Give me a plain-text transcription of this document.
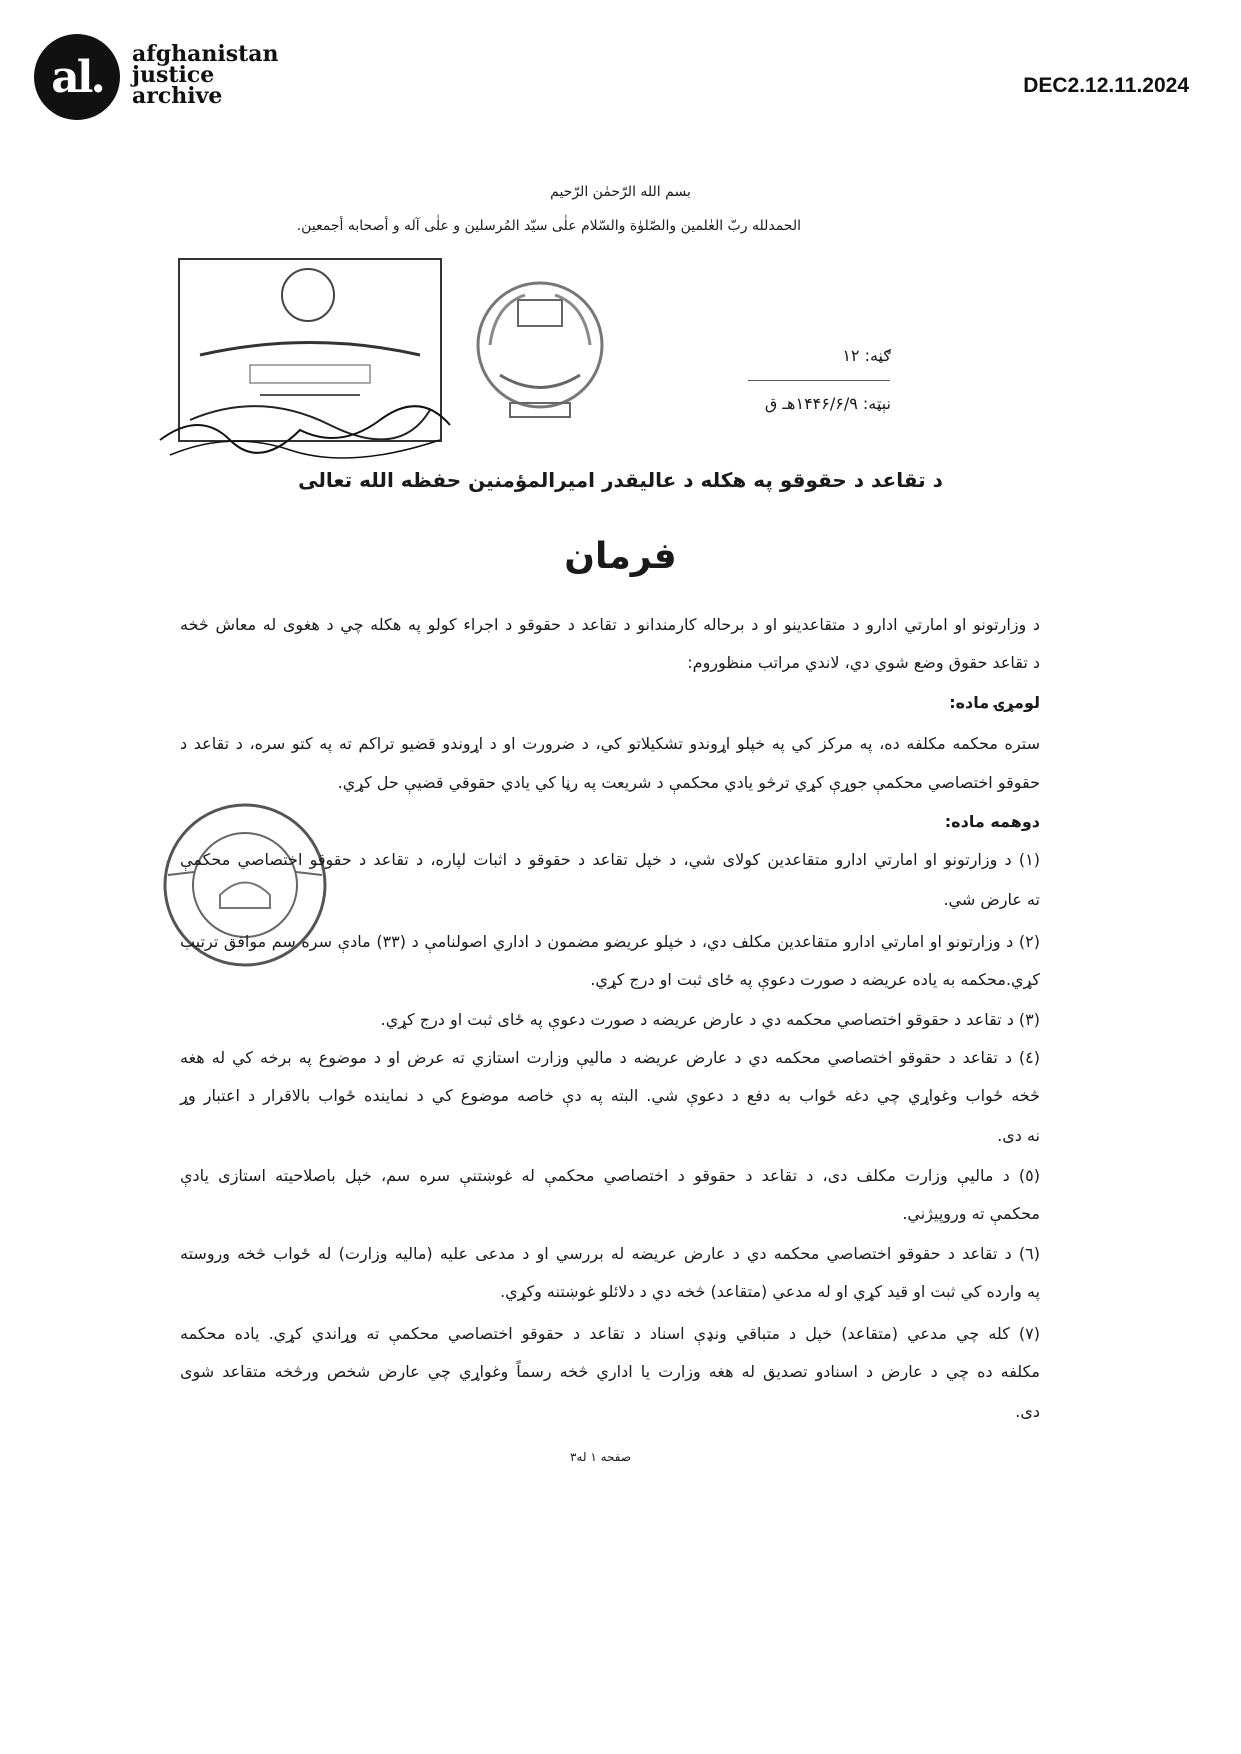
al.	afghanistan
justice
archive	DEC2.12.11.2024
بسم الله الرّحمٰن الرّحیم
الحمدلله ربّ العٰلمین والصّلوٰة والسّلام علٰی سیّد المُرسلین و علٰی آله و أصحابه أجمعین.
ګڼه: ۱۲
نېټه: ۱۴۴۶/۶/۹هـ ق
د تقاعد د حقوقو په هکله د عالیقدر امیرالمؤمنین حفظه الله تعالی
فرمان
د وزارتونو او امارتي ادارو د متقاعدینو او د برحاله کارمندانو د تقاعد د حقوقو د اجراء کولو په هکله چي د هغوی له معاش څخه
د تقاعد حقوق وضع شوي دي، لاندي مراتب منظوروم:
لومړۍ ماده:
ستره محکمه مکلفه ده، په مرکز کي په خپلو اړوندو تشکیلاتو کي، د ضرورت او د اړوندو قضیو تراکم ته په کتو سره، د تقاعد د
حقوقو اختصاصي محکمې جوړې کړي ترڅو یادي محکمې د شریعت په رڼا کي یادي حقوقي قضیې حل کړي.
دوهمه ماده:
(۱) د وزارتونو او امارتي ادارو متقاعدین کولای شي، د خپل تقاعد د حقوقو د اثبات لپاره، د تقاعد د حقوقو اختصاصي محکمې
ته عارض شي.
(۲) د وزارتونو او امارتي ادارو متقاعدین مکلف دي، د خپلو عریضو مضمون د اداري اصولنامې د (۳۳) مادې سره سم موافق ترتیب
کړي.محکمه به یاده عریضه د صورت دعوې په ځای ثبت او درج کړي.
(۳) د تقاعد د حقوقو اختصاصي محکمه دي د عارض عریضه د صورت دعوې په ځای ثبت او درج کړي.
(٤) د تقاعد د حقوقو اختصاصي محکمه دي د عارض عریضه د مالیې وزارت استازي ته عرض او د موضوع په برخه کي له هغه
څخه ځواب وغواړي چي دغه ځواب به دفع د دعوې شي. البته په دې خاصه موضوع کي د نماینده ځواب بالاقرار د اعتبار وړ
نه دی.
(٥) د مالیې وزارت مکلف دی، د تقاعد د حقوقو د اختصاصي محکمې له غوښتنې سره سم، خپل باصلاحیته استازی یادې
محکمې ته وروپیژني.
(٦) د تقاعد د حقوقو اختصاصي محکمه دي د عارض عریضه له بررسي او د مدعی علیه (مالیه وزارت) له ځواب څخه وروسته
په وارده کي ثبت او قید کړي او له مدعي (متقاعد) څخه دي د دلائلو غوښتنه وکړي.
(۷) کله چي مدعي (متقاعد) خپل د متباقي ونډې اسناد د تقاعد د حقوقو اختصاصي محکمې ته وړاندي کړي. یاده محکمه
مکلفه ده چي د عارض د اسنادو تصدیق له هغه وزارت یا اداري څخه رسماً وغواړي چي عارض شخص ورڅخه متقاعد شوی
دی.
صفحه ۱ له۳
